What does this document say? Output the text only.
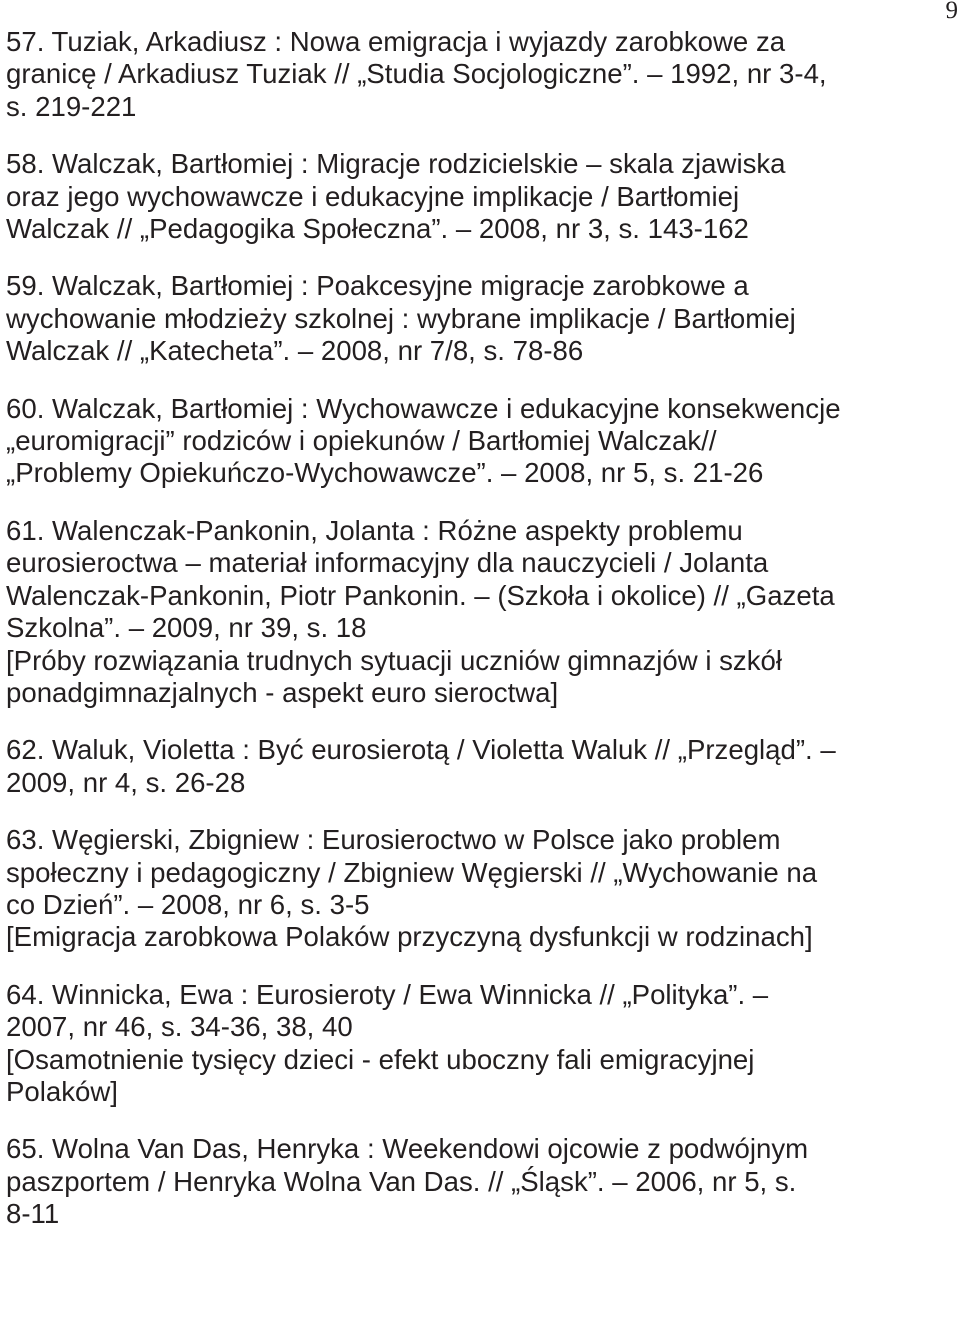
9

57. Tuziak, Arkadiusz : Nowa emigracja i wyjazdy zarobkowe za

granicę / Arkadiusz Tuziak // „Studia Socjologiczne”. – 1992, nr 3-4,

s. 219-221

58. Walczak, Bartłomiej : Migracje rodzicielskie – skala zjawiska

oraz jego wychowawcze i edukacyjne implikacje / Bartłomiej

Walczak // „Pedagogika Społeczna”. – 2008, nr 3, s. 143-162

59. Walczak, Bartłomiej : Poakcesyjne migracje zarobkowe a

wychowanie młodzieży szkolnej : wybrane implikacje / Bartłomiej

Walczak // „Katecheta”. – 2008, nr 7/8, s. 78-86

60. Walczak, Bartłomiej : Wychowawcze i edukacyjne konsekwencje

„euromigracji” rodziców i opiekunów / Bartłomiej Walczak//

„Problemy Opiekuńczo-Wychowawcze”. – 2008, nr 5, s. 21-26

61. Walenczak-Pankonin, Jolanta : Różne aspekty problemu

eurosieroctwa – materiał informacyjny dla nauczycieli / Jolanta

Walenczak-Pankonin, Piotr Pankonin. – (Szkoła i okolice) // „Gazeta

Szkolna”. – 2009, nr 39, s. 18

[Próby rozwiązania trudnych sytuacji uczniów gimnazjów i szkół

ponadgimnazjalnych - aspekt euro sieroctwa]

62. Waluk, Violetta : Być eurosierotą / Violetta Waluk // „Przegląd”. –

2009, nr 4, s. 26-28

63. Węgierski, Zbigniew : Eurosieroctwo w Polsce jako problem

społeczny i pedagogiczny / Zbigniew Węgierski // „Wychowanie na

co Dzień”. – 2008, nr 6, s. 3-5

[Emigracja zarobkowa Polaków przyczyną dysfunkcji w rodzinach]

64. Winnicka, Ewa : Eurosieroty / Ewa Winnicka // „Polityka”. –

2007, nr 46, s. 34-36, 38, 40

[Osamotnienie tysięcy dzieci - efekt uboczny fali emigracyjnej

Polaków]

65. Wolna Van Das, Henryka : Weekendowi ojcowie z podwójnym

paszportem / Henryka Wolna Van Das. // „Śląsk”. – 2006, nr 5, s.

8-11
